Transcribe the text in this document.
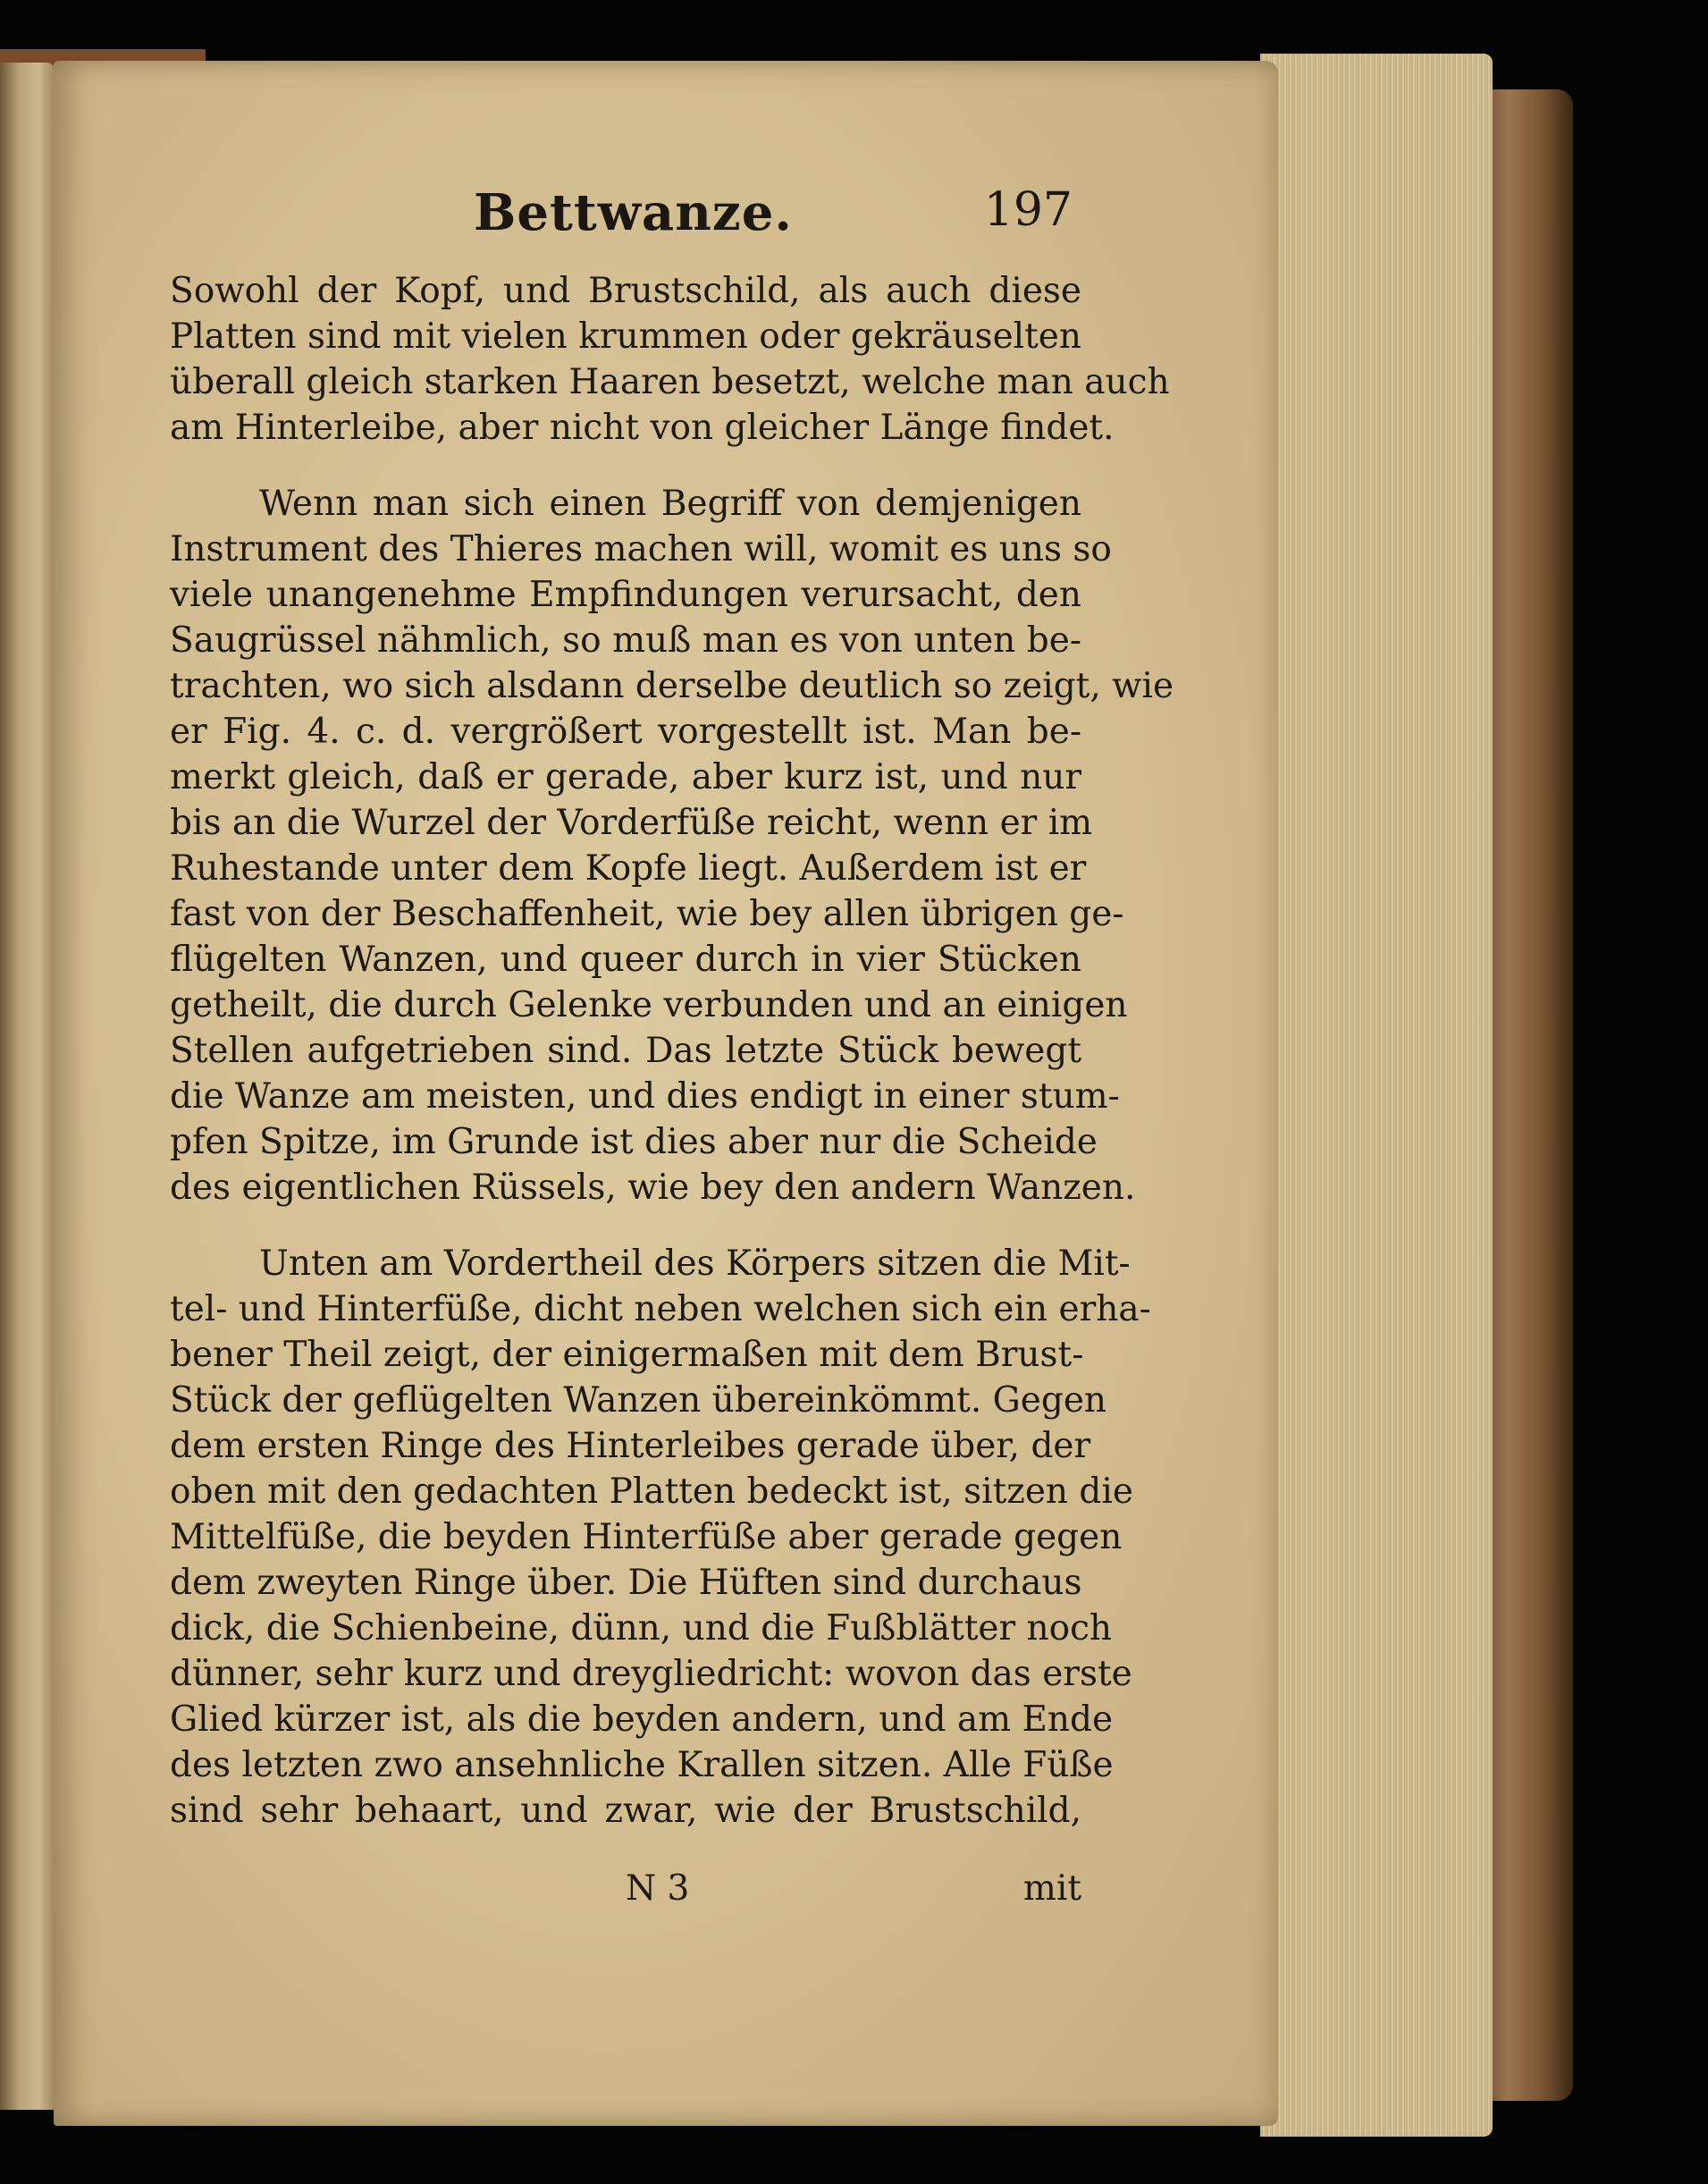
Bettwanze.	197
Sowohl der Kopf, und Brustschild, als auch diese
Platten sind mit vielen krummen oder gekräuselten
überall gleich starken Haaren besetzt, welche man auch
am Hinterleibe, aber nicht von gleicher Länge findet.
Wenn man sich einen Begriff von demjenigen
Instrument des Thieres machen will, womit es uns so
viele unangenehme Empfindungen verursacht, den
Saugrüssel nähmlich, so muß man es von unten be-
trachten, wo sich alsdann derselbe deutlich so zeigt, wie
er Fig. 4. c. d. vergrößert vorgestellt ist. Man be-
merkt gleich, daß er gerade, aber kurz ist, und nur
bis an die Wurzel der Vorderfüße reicht, wenn er im
Ruhestande unter dem Kopfe liegt. Außerdem ist er
fast von der Beschaffenheit, wie bey allen übrigen ge-
flügelten Wanzen, und queer durch in vier Stücken
getheilt, die durch Gelenke verbunden und an einigen
Stellen aufgetrieben sind. Das letzte Stück bewegt
die Wanze am meisten, und dies endigt in einer stum-
pfen Spitze, im Grunde ist dies aber nur die Scheide
des eigentlichen Rüssels, wie bey den andern Wanzen.
Unten am Vordertheil des Körpers sitzen die Mit-
tel- und Hinterfüße, dicht neben welchen sich ein erha-
bener Theil zeigt, der einigermaßen mit dem Brust-
Stück der geflügelten Wanzen übereinkömmt. Gegen
dem ersten Ringe des Hinterleibes gerade über, der
oben mit den gedachten Platten bedeckt ist, sitzen die
Mittelfüße, die beyden Hinterfüße aber gerade gegen
dem zweyten Ringe über. Die Hüften sind durchaus
dick, die Schienbeine, dünn, und die Fußblätter noch
dünner, sehr kurz und dreygliedricht: wovon das erste
Glied kürzer ist, als die beyden andern, und am Ende
des letzten zwo ansehnliche Krallen sitzen. Alle Füße
sind sehr behaart, und zwar, wie der Brustschild,
N 3	mit
